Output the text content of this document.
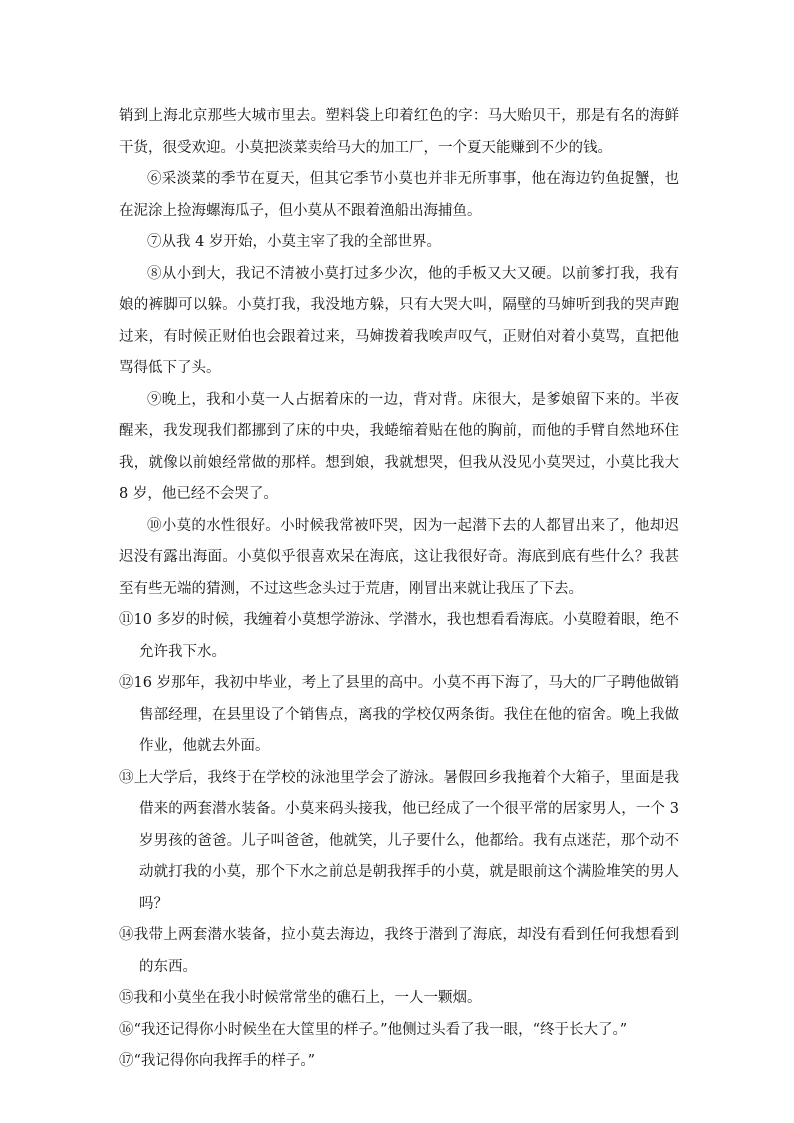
销到上海北京那些大城市里去。塑料袋上印着红色的字：马大贻贝干，那是有名的海鲜干货，很受欢迎。小莫把淡菜卖给马大的加工厂，一个夏天能赚到不少的钱。

⑥采淡菜的季节在夏天，但其它季节小莫也并非无所事事，他在海边钓鱼捉蟹，也在泥涂上捡海螺海瓜子，但小莫从不跟着渔船出海捕鱼。

⑦从我 4 岁开始，小莫主宰了我的全部世界。

⑧从小到大，我记不清被小莫打过多少次，他的手板又大又硬。以前爹打我，我有娘的裤脚可以躲。小莫打我，我没地方躲，只有大哭大叫，隔壁的马婶听到我的哭声跑过来，有时候正财伯也会跟着过来，马婶拨着我唉声叹气，正财伯对着小莫骂，直把他骂得低下了头。

⑨晚上，我和小莫一人占据着床的一边，背对背。床很大，是爹娘留下来的。半夜醒来，我发现我们都挪到了床的中央，我蜷缩着贴在他的胸前，而他的手臂自然地环住我，就像以前娘经常做的那样。想到娘，我就想哭，但我从没见小莫哭过，小莫比我大 8 岁，他已经不会哭了。

⑩小莫的水性很好。小时候我常被吓哭，因为一起潜下去的人都冒出来了，他却迟迟没有露出海面。小莫似乎很喜欢呆在海底，这让我很好奇。海底到底有些什么？我甚至有些无端的猜测，不过这些念头过于荒唐，刚冒出来就让我压了下去。

⑪10 多岁的时候，我缠着小莫想学游泳、学潜水，我也想看看海底。小莫瞪着眼，绝不允许我下水。

⑫16 岁那年，我初中毕业，考上了县里的高中。小莫不再下海了，马大的厂子聘他做销售部经理，在县里设了个销售点，离我的学校仅两条街。我住在他的宿舍。晚上我做作业，他就去外面。

⑬上大学后，我终于在学校的泳池里学会了游泳。暑假回乡我拖着个大箱子，里面是我借来的两套潜水装备。小莫来码头接我，他已经成了一个很平常的居家男人，一个 3 岁男孩的爸爸。儿子叫爸爸，他就笑，儿子要什么，他都给。我有点迷茫，那个动不动就打我的小莫，那个下水之前总是朝我挥手的小莫，就是眼前这个满脸堆笑的男人吗？

⑭我带上两套潜水装备，拉小莫去海边，我终于潜到了海底，却没有看到任何我想看到的东西。

⑮我和小莫坐在我小时候常常坐的礁石上，一人一颗烟。

⑯“我还记得你小时候坐在大筐里的样子。”他侧过头看了我一眼，“终于长大了。”

⑰“我记得你向我挥手的样子。”
